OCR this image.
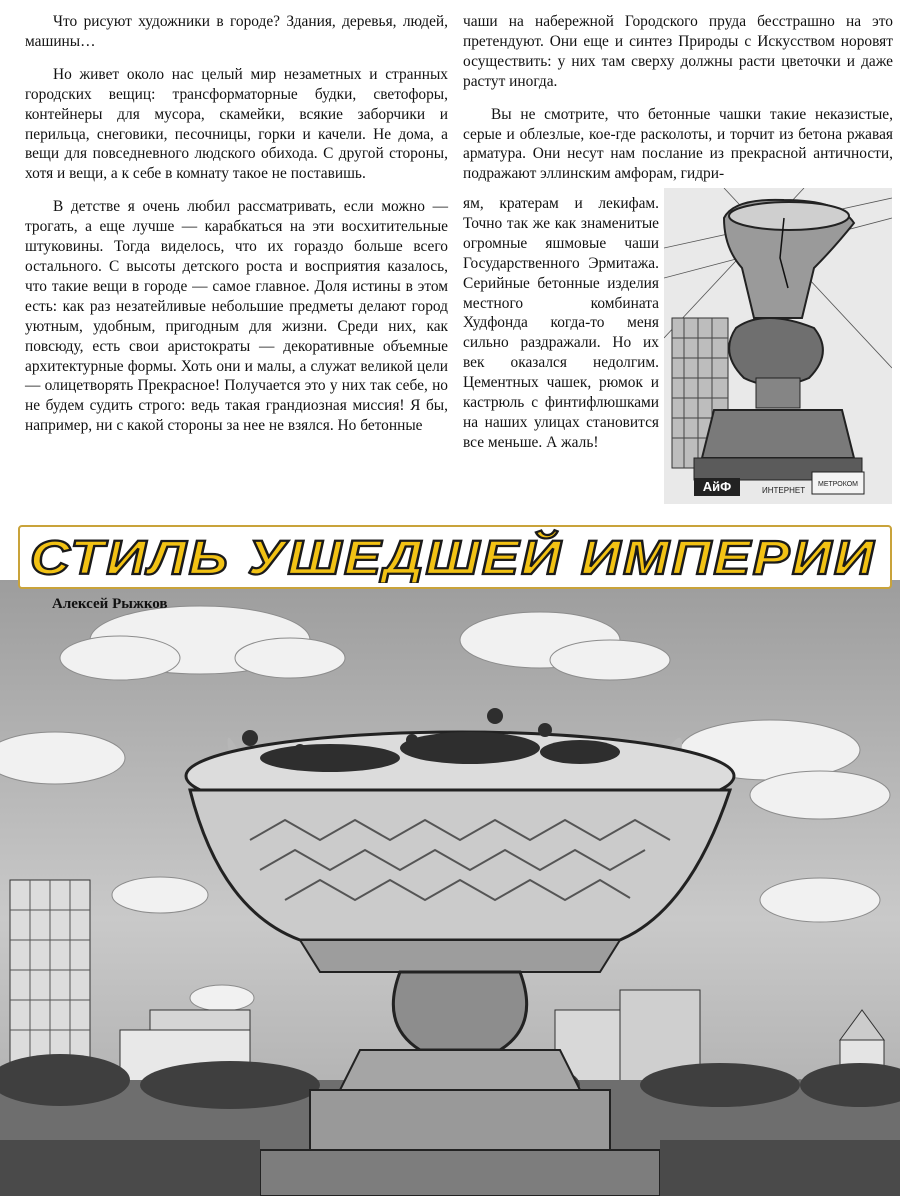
Что рисуют художники в городе? Здания, деревья, людей, машины…

Но живет около нас целый мир незаметных и странных городских вещиц: трансформаторные будки, светофоры, контейнеры для мусора, скамейки, всякие заборчики и перильца, снеговики, песочницы, горки и качели. Не дома, а вещи для повседневного людского обихода. С другой стороны, хотя и вещи, а к себе в комнату такое не поставишь.

В детстве я очень любил рассматривать, если можно — трогать, а еще лучше — карабкаться на эти восхитительные штуковины. Тогда виделось, что их гораздо больше всего остального. С высоты детского роста и восприятия казалось, что такие вещи в городе — самое главное. Доля истины в этом есть: как раз незатейливые небольшие предметы делают город уютным, удобным, пригодным для жизни. Среди них, как повсюду, есть свои аристократы — декоративные объемные архитектурные формы. Хоть они и малы, а служат великой цели — олицетворять Прекрасное! Получается это у них так себе, но не будем судить строго: ведь такая грандиозная миссия! Я бы, например, ни с какой стороны за нее не взялся. Но бетонные

чаши на набережной Городского пруда бесстрашно на это претендуют. Они еще и синтез Природы с Искусством норовят осуществить: у них там сверху должны расти цветочки и даже растут иногда.

Вы не смотрите, что бетонные чашки такие неказистые, серые и облезлые, кое-где расколоты, и торчит из бетона ржавая арматура. Они несут нам послание из прекрасной античности, подражают эллинским амфорам, гидри-

ям, кратерам и лекифам. Точно так же как знаменитые огромные яшмовые чаши Государственного Эрмитажа. Серийные бетонные изделия местного комбината Худфонда когда-то меня сильно раздражали. Но их век оказался недолгим. Цементных чашек, рюмок и кастрюль с финтифлюшками на наших улицах становится все меньше. А жаль!

АйФ	ИНТЕРНЕТ
МЕТРОКОМ
СТИЛЬ УШЕДШЕЙ ИМПЕРИИ
Алексей Рыжков
